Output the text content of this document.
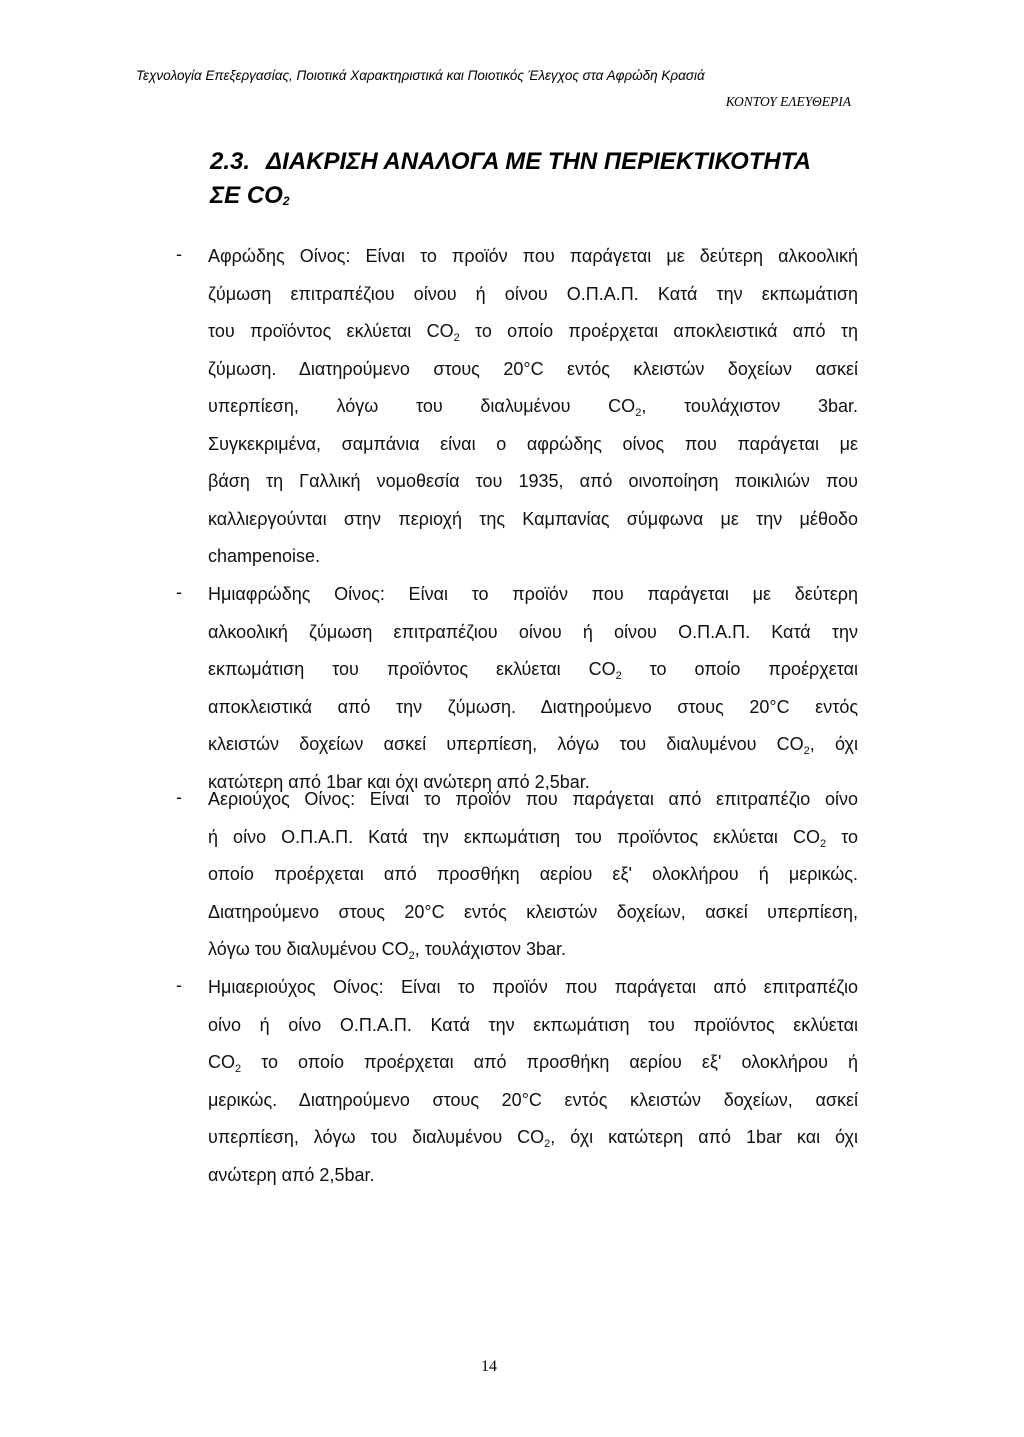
Τεχνολογία Επεξεργασίας, Ποιοτικά Χαρακτηριστικά και Ποιοτικός Έλεγχος στα Αφρώδη Κρασιά
ΚΟΝΤΟΥ ΕΛΕΥΘΕΡΙΑ
2.3. ΔΙΑΚΡΙΣΗ ΑΝΑΛΟΓΑ ΜΕ ΤΗΝ ΠΕΡΙΕΚΤΙΚΟΤΗΤΑ
ΣΕ $CO_2$
- Αφρώδης Οίνος: Είναι το προϊόν που παράγεται με δεύτερη αλκοολική
ζύμωση επιτραπέζιου οίνου ή οίνου Ο.Π.Α.Π. Κατά την εκπωμάτιση
του προϊόντος εκλύεται $CO_2$ το οποίο προέρχεται αποκλειστικά από τη
ζύμωση. Διατηρούμενο στους 20°C εντός κλειστών δοχείων ασκεί
υπερπίεση, λόγω του διαλυμένου $CO_2$, τουλάχιστον 3bar.
Συγκεκριμένα, σαμπάνια είναι ο αφρώδης οίνος που παράγεται με
βάση τη Γαλλική νομοθεσία του 1935, από οινοποίηση ποικιλιών που
καλλιεργούνται στην περιοχή της Καμπανίας σύμφωνα με την μέθοδο
champenoise.
- Ημιαφρώδης Οίνος: Είναι το προϊόν που παράγεται με δεύτερη
αλκοολική ζύμωση επιτραπέζιου οίνου ή οίνου Ο.Π.Α.Π. Κατά την
εκπωμάτιση του προϊόντος εκλύεται $CO_2$ το οποίο προέρχεται
αποκλειστικά από την ζύμωση. Διατηρούμενο στους 20°C εντός
κλειστών δοχείων ασκεί υπερπίεση, λόγω του διαλυμένου $CO_2$, όχι
κατώτερη από 1bar και όχι ανώτερη από 2,5bar.
- Αεριούχος Οίνος: Είναι το προϊόν που παράγεται από επιτραπέζιο οίνο
ή οίνο Ο.Π.Α.Π. Κατά την εκπωμάτιση του προϊόντος εκλύεται $CO_2$ το
οποίο προέρχεται από προσθήκη αερίου εξ' ολοκλήρου ή μερικώς.
Διατηρούμενο στους 20°C εντός κλειστών δοχείων, ασκεί υπερπίεση,
λόγω του διαλυμένου $CO_2$, τουλάχιστον 3bar.
- Ημιαεριούχος Οίνος: Είναι το προϊόν που παράγεται από επιτραπέζιο
οίνο ή οίνο Ο.Π.Α.Π. Κατά την εκπωμάτιση του προϊόντος εκλύεται
$CO_2$ το οποίο προέρχεται από προσθήκη αερίου εξ' ολοκλήρου ή
μερικώς. Διατηρούμενο στους 20°C εντός κλειστών δοχείων, ασκεί
υπερπίεση, λόγω του διαλυμένου $CO_2$, όχι κατώτερη από 1bar και όχι
ανώτερη από 2,5bar.
14
